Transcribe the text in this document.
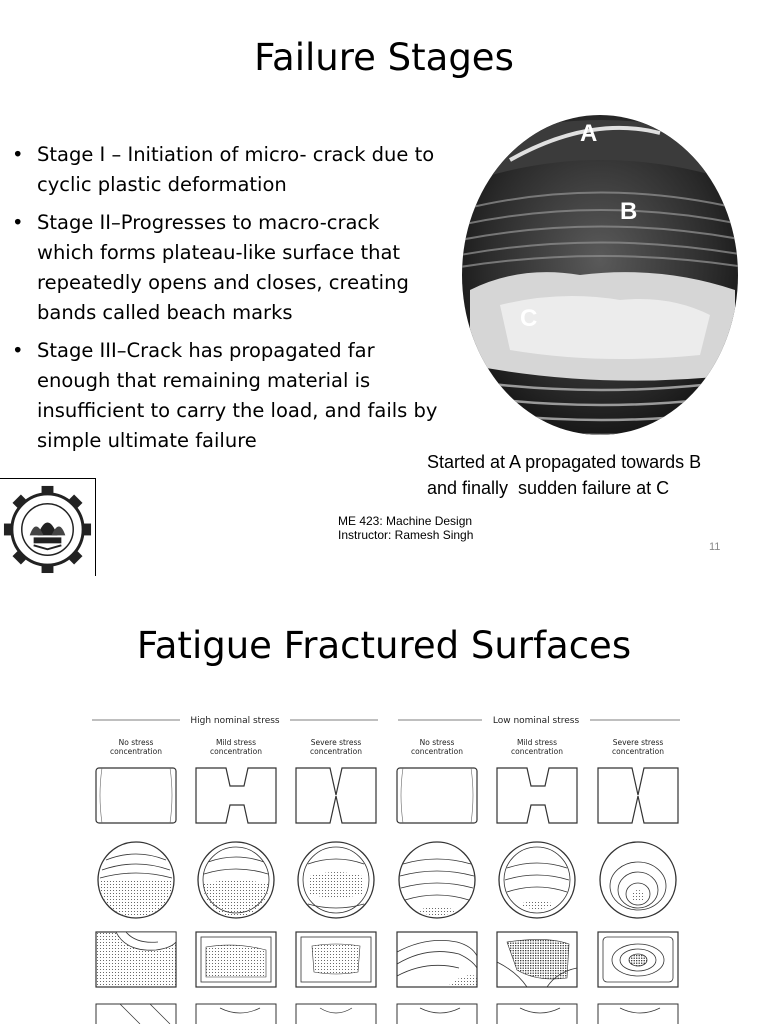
Failure Stages
• Stage I – Initiation of micro- crack due to cyclic plastic deformation
• Stage II–Progresses to macro-crack which forms plateau-like surface that repeatedly opens and closes, creating bands called beach marks
• Stage III–Crack has propagated far enough that remaining material is insufficient to carry the load, and fails by simple ultimate failure
A
B
C
Started at A propagated towards B
and finally  sudden failure at C
ME 423: Machine Design
Instructor: Ramesh Singh
11
Fatigue Fractured Surfaces
High nominal stress	Low nominal stress
No stress
concentration
Mild stress
concentration
Severe stress
concentration
No stress
concentration
Mild stress
concentration
Severe stress
concentration
